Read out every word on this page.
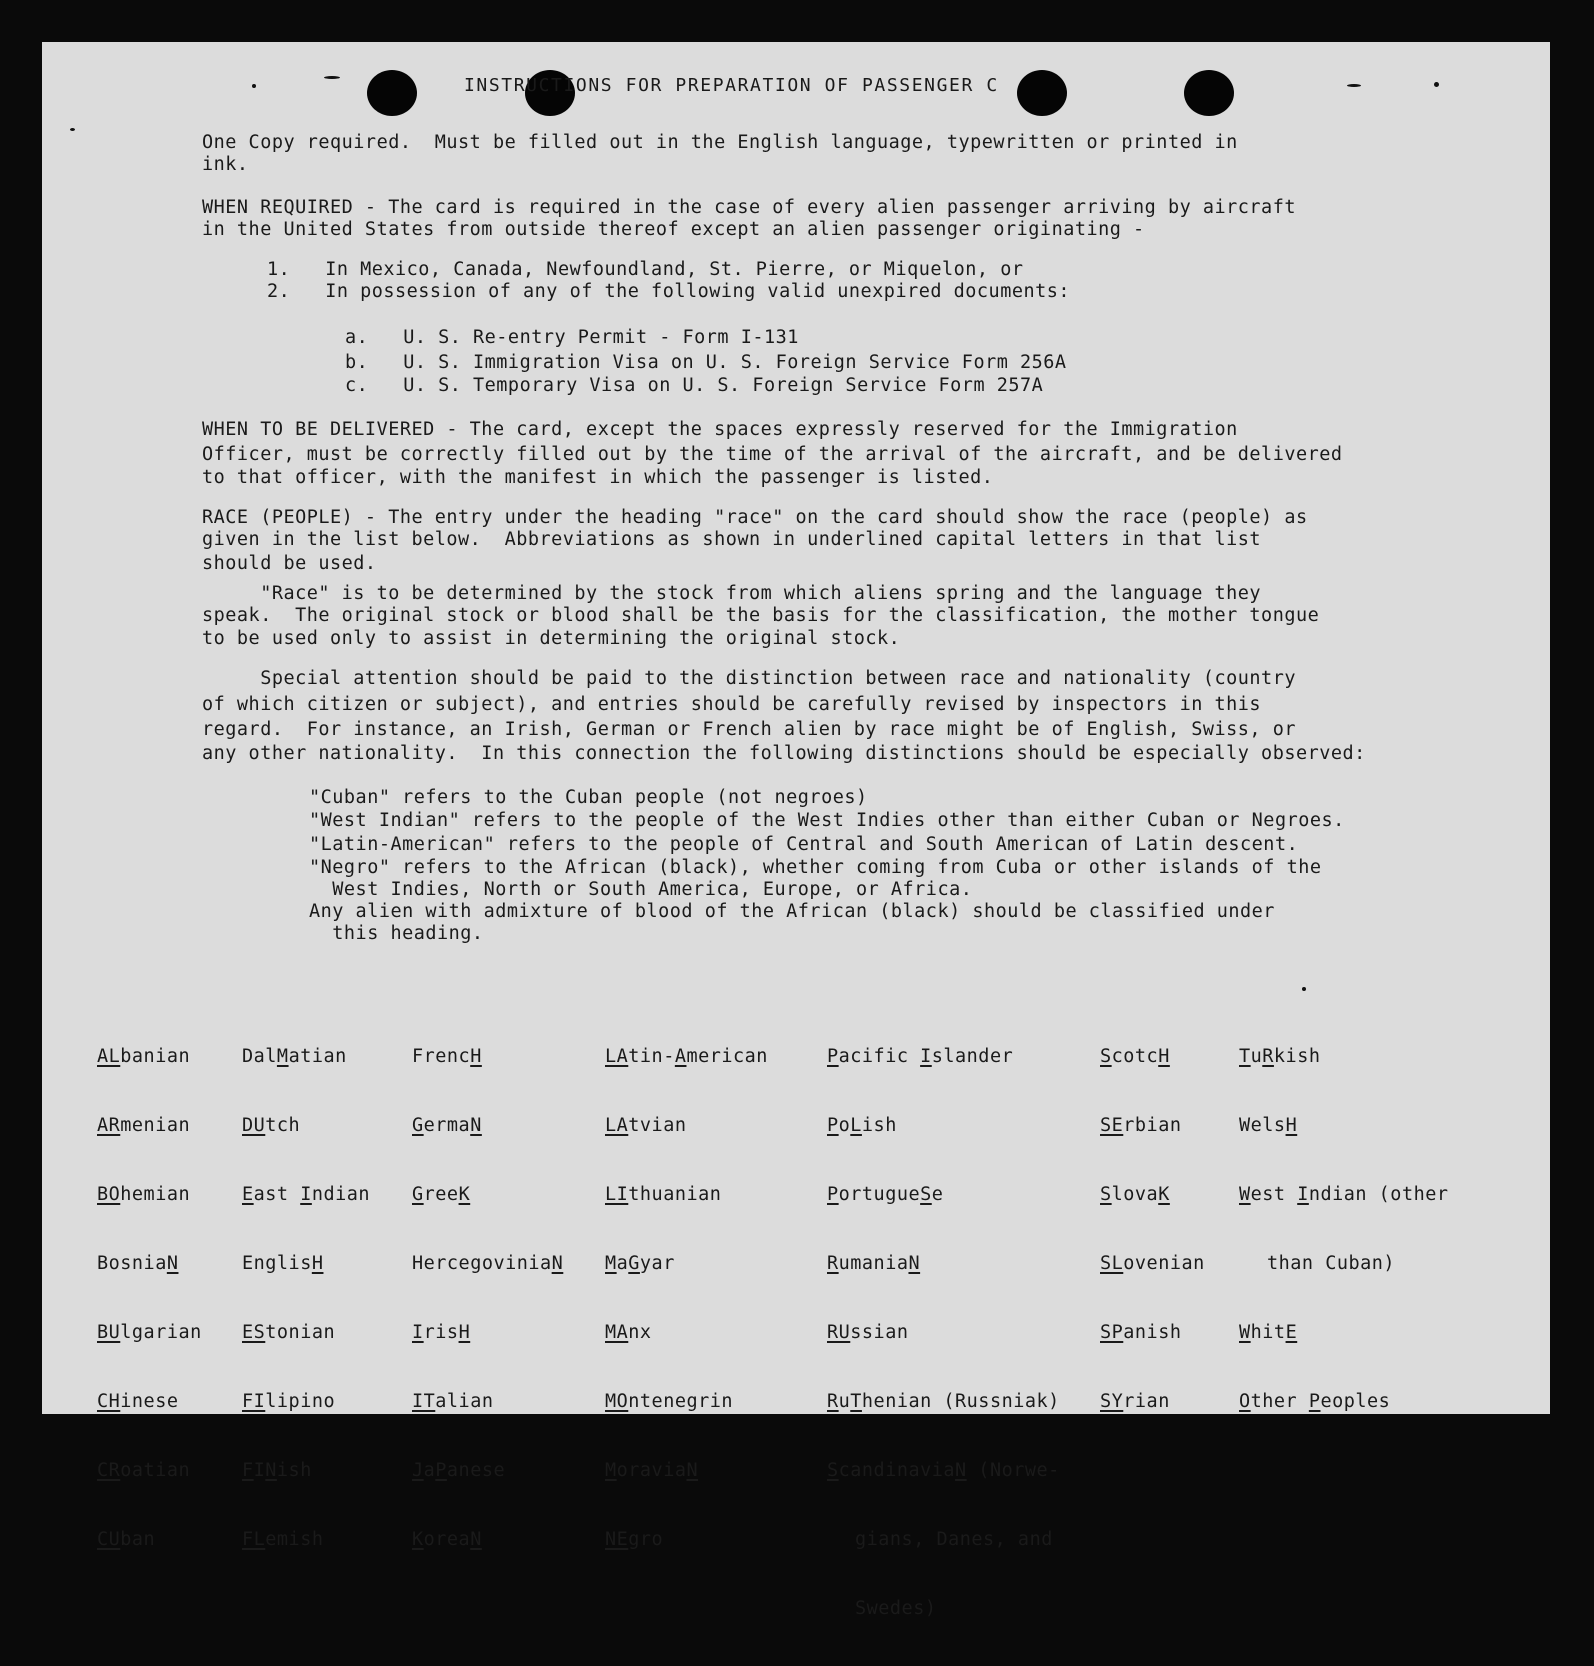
INSTRUCTIONS FOR PREPARATION OF PASSENGER C
One Copy required.  Must be filled out in the English language, typewritten or printed in
ink.
WHEN REQUIRED - The card is required in the case of every alien passenger arriving by aircraft
in the United States from outside thereof except an alien passenger originating -
1.   In Mexico, Canada, Newfoundland, St. Pierre, or Miquelon, or
2.   In possession of any of the following valid unexpired documents:
a.   U. S. Re-entry Permit - Form I-131
b.   U. S. Immigration Visa on U. S. Foreign Service Form 256A
c.   U. S. Temporary Visa on U. S. Foreign Service Form 257A
WHEN TO BE DELIVERED - The card, except the spaces expressly reserved for the Immigration
Officer, must be correctly filled out by the time of the arrival of the aircraft, and be delivered
to that officer, with the manifest in which the passenger is listed.
RACE (PEOPLE) - The entry under the heading "race" on the card should show the race (people) as
given in the list below.  Abbreviations as shown in underlined capital letters in that list
should be used.
"Race" is to be determined by the stock from which aliens spring and the language they
speak.  The original stock or blood shall be the basis for the classification, the mother tongue
to be used only to assist in determining the original stock.
Special attention should be paid to the distinction between race and nationality (country
of which citizen or subject), and entries should be carefully revised by inspectors in this
regard.  For instance, an Irish, German or French alien by race might be of English, Swiss, or
any other nationality.  In this connection the following distinctions should be especially observed:
"Cuban" refers to the Cuban people (not negroes)
"West Indian" refers to the people of the West Indies other than either Cuban or Negroes.
"Latin-American" refers to the people of Central and South American of Latin descent.
"Negro" refers to the African (black), whether coming from Cuba or other islands of the
West Indies, North or South America, Europe, or Africa.
Any alien with admixture of blood of the African (black) should be classified under
this heading.

ALbanian

ARmenian

BOhemian

BosniaN

BUlgarian

CHinese

CRoatian

CUban

DalMatian

DUtch

East Indian

EnglisH

EStonian

FIlipino

FINish

FLemish

FrencH

GermaN

GreeK

HercegoviniaN

IrisH

ITalian

JaPanese

KoreaN

LAtin-American

LAtvian

LIthuanian

MaGyar

MAnx

MOntenegrin

MoraviaN

NEgro

Pacific Islander

PoLish

PortugueSe

RumaniaN

RUssian

RuThenian (Russniak)

ScandinaviaN (Norwe-

gians, Danes, and

Swedes)

ScotcH

SErbian

SlovaK

SLovenian

SPanish

SYrian

TuRkish

WelsH

West Indian (other

than Cuban)

WhitE

Other Peoples
